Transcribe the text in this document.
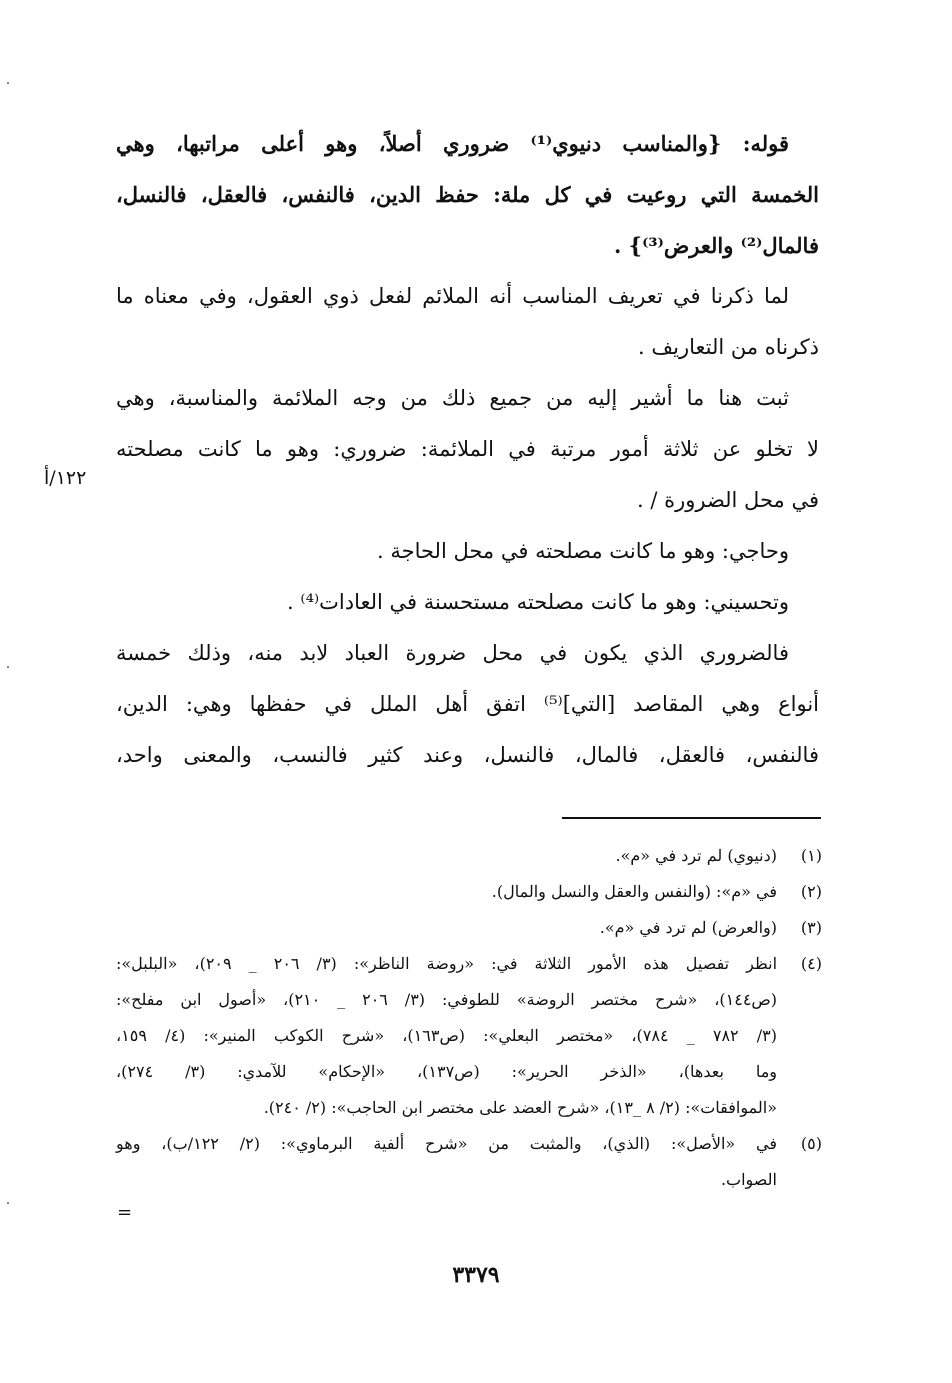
قوله: {والمناسب دنيوي⁽¹⁾ ضروري أصلاً، وهو أعلى مراتبها، وهي
الخمسة التي روعيت في كل ملة: حفظ الدين، فالنفس، فالعقل، فالنسل،
فالمال⁽²⁾ والعرض⁽³⁾} .

لما ذكرنا في تعريف المناسب أنه الملائم لفعل ذوي العقول، وفي معناه ما
ذكرناه من التعاريف .

ثبت هنا ما أشير إليه من جميع ذلك من وجه الملائمة والمناسبة، وهي
لا تخلو عن ثلاثة أمور مرتبة في الملائمة: ضروري: وهو ما كانت مصلحته
في محل الضرورة / .

وحاجي: وهو ما كانت مصلحته في محل الحاجة .

وتحسيني: وهو ما كانت مصلحته مستحسنة في العادات⁽⁴⁾ .

فالضروري الذي يكون في محل ضرورة العباد لابد منه، وذلك خمسة
أنواع وهي المقاصد [التي]⁽⁵⁾ اتفق أهل الملل في حفظها وهي: الدين،
فالنفس، فالعقل، فالمال، فالنسل، وعند كثير فالنسب، والمعنى واحد،

١٢٢/أ
(١)
(دنيوي) لم ترد في «م».
(٢)
في «م»: (والنفس والعقل والنسل والمال).
(٣)
(والعرض) لم ترد في «م».
(٤)
انظر تفصيل هذه الأمور الثلاثة في: «روضة الناظر»: (٣/ ٢٠٦ _ ٢٠٩)، «البلبل»:
(ص١٤٤)، «شرح مختصر الروضة» للطوفي: (٣/ ٢٠٦ _ ٢١٠)، «أصول ابن مفلح»:
(٣/ ٧٨٢ _ ٧٨٤)، «مختصر البعلي»: (ص١٦٣)، «شرح الكوكب المنير»: (٤/ ١٥٩،
وما بعدها)، «الذخر الحرير»: (ص١٣٧)، «الإحكام» للآمدي: (٣/ ٢٧٤)،
«الموافقات»: (٢/ ٨ _١٣)، «شرح العضد على مختصر ابن الحاجب»: (٢/ ٢٤٠).
(٥)
في «الأصل»: (الذي)، والمثبت من «شرح ألفية البرماوي»: (٢/ ١٢٢/ب)، وهو
الصواب.
=
٣٣٧٩
